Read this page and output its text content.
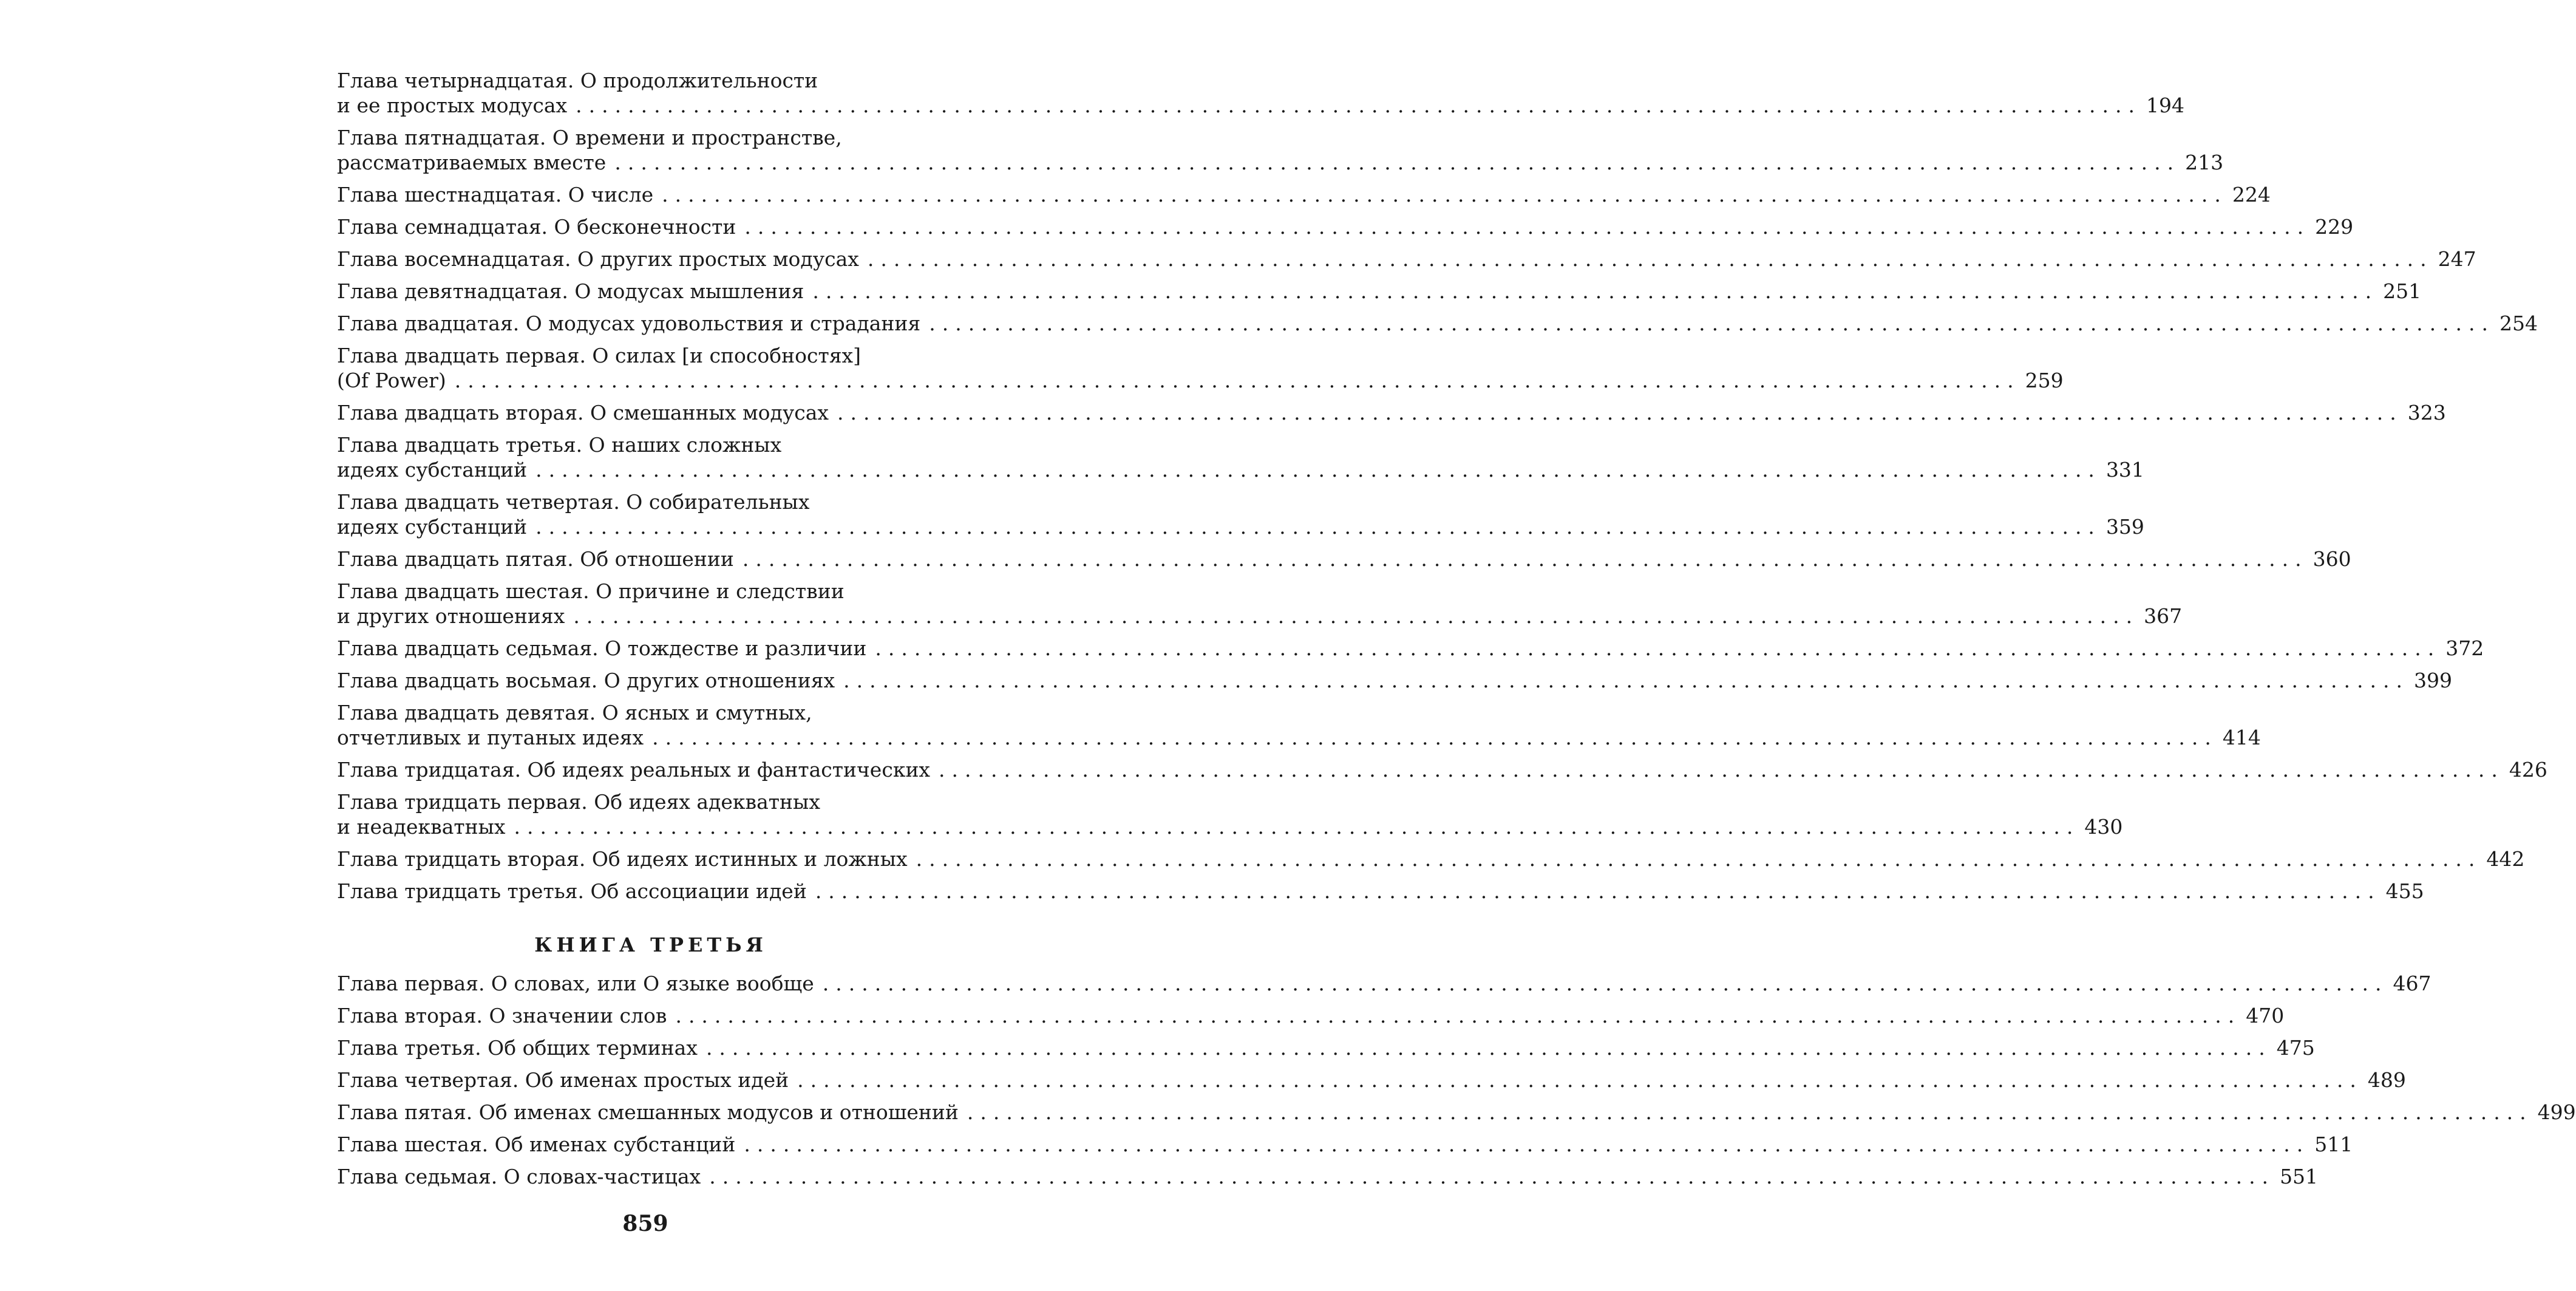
Глава четырнадцатая. О продолжительности
и ее простых модусах ........................................................................................................................ 194
Глава пятнадцатая. О времени и пространстве,
рассматриваемых вместе ........................................................................................................................ 213
Глава шестнадцатая. О числе ........................................................................................................................ 224
Глава семнадцатая. О бесконечности ........................................................................................................................ 229
Глава восемнадцатая. О других простых модусах ........................................................................................................................ 247
Глава девятнадцатая. О модусах мышления ........................................................................................................................ 251
Глава двадцатая. О модусах удовольствия и страдания ........................................................................................................................ 254
Глава двадцать первая. О силах [и способностях]
(Of Power) ........................................................................................................................ 259
Глава двадцать вторая. О смешанных модусах ........................................................................................................................ 323
Глава двадцать третья. О наших сложных
идеях субстанций ........................................................................................................................ 331
Глава двадцать четвертая. О собирательных
идеях субстанций ........................................................................................................................ 359
Глава двадцать пятая. Об отношении ........................................................................................................................ 360
Глава двадцать шестая. О причине и следствии
и других отношениях ........................................................................................................................ 367
Глава двадцать седьмая. О тождестве и различии ........................................................................................................................ 372
Глава двадцать восьмая. О других отношениях ........................................................................................................................ 399
Глава двадцать девятая. О ясных и смутных,
отчетливых и путаных идеях ........................................................................................................................ 414
Глава тридцатая. Об идеях реальных и фантастических ........................................................................................................................ 426
Глава тридцать первая. Об идеях адекватных
и неадекватных ........................................................................................................................ 430
Глава тридцать вторая. Об идеях истинных и ложных ........................................................................................................................ 442
Глава тридцать третья. Об ассоциации идей ........................................................................................................................ 455
КНИГА ТРЕТЬЯ
Глава первая. О словах, или О языке вообще ........................................................................................................................ 467
Глава вторая. О значении слов ........................................................................................................................ 470
Глава третья. Об общих терминах ........................................................................................................................ 475
Глава четвертая. Об именах простых идей ........................................................................................................................ 489
Глава пятая. Об именах смешанных модусов и отношений ........................................................................................................................ 499
Глава шестая. Об именах субстанций ........................................................................................................................ 511
Глава седьмая. О словах-частицах ........................................................................................................................ 551
859
